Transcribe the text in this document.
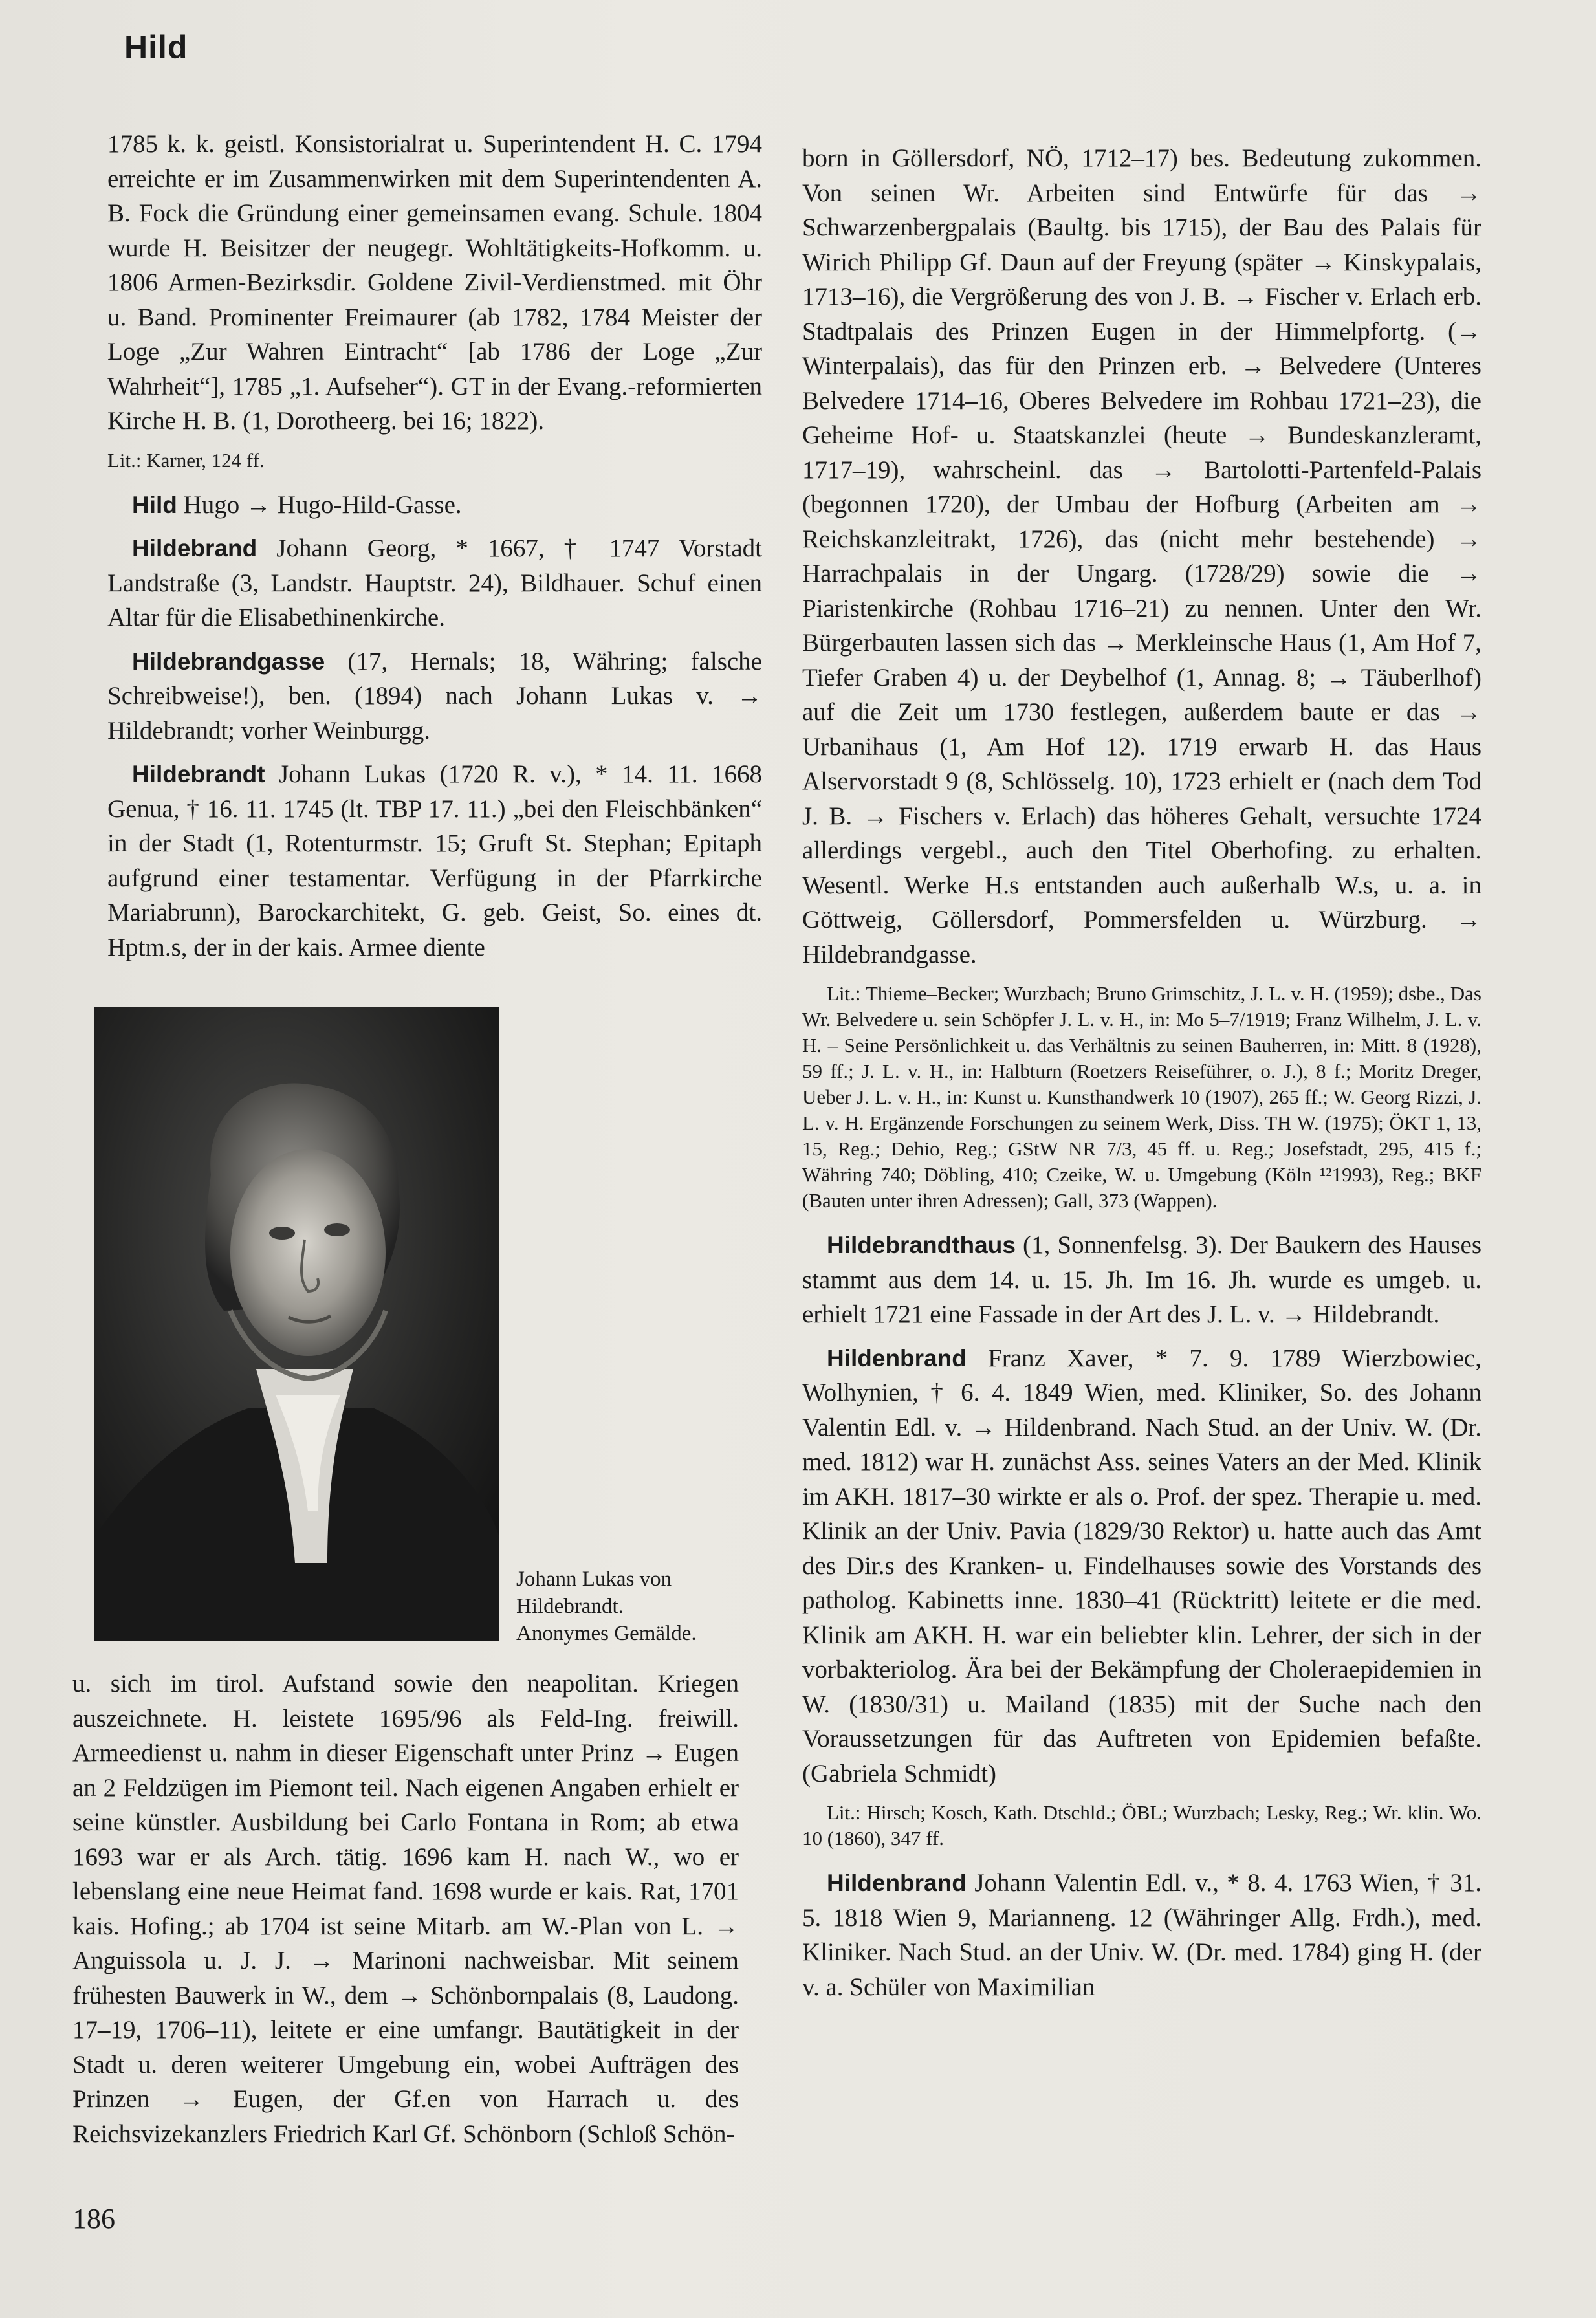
Hild

1785 k. k. geistl. Konsistorialrat u. Superintendent H. C. 1794 erreichte er im Zusammenwirken mit dem Superintendenten A. B. Fock die Gründung einer gemeinsamen evang. Schule. 1804 wurde H. Beisitzer der neugegr. Wohltätigkeits-Hofkomm. u. 1806 Armen-Bezirksdir. Goldene Zivil-Verdienstmed. mit Öhr u. Band. Prominenter Freimaurer (ab 1782, 1784 Meister der Loge „Zur Wahren Eintracht“ [ab 1786 der Loge „Zur Wahrheit“], 1785 „1. Aufseher“). GT in der Evang.-reformierten Kirche H. B. (1, Dorotheerg. bei 16; 1822).

Lit.: Karner, 124 ff.

Hild Hugo → Hugo-Hild-Gasse.

Hildebrand Johann Georg, * 1667, † 1747 Vorstadt Landstraße (3, Landstr. Hauptstr. 24), Bildhauer. Schuf einen Altar für die Elisabethinenkirche.

Hildebrandgasse (17, Hernals; 18, Währing; falsche Schreibweise!), ben. (1894) nach Johann Lukas v. → Hildebrandt; vorher Weinburgg.

Hildebrandt Johann Lukas (1720 R. v.), * 14. 11. 1668 Genua, † 16. 11. 1745 (lt. TBP 17. 11.) „bei den Fleischbänken“ in der Stadt (1, Rotenturmstr. 15; Gruft St. Stephan; Epitaph aufgrund einer testamentar. Verfügung in der Pfarrkirche Mariabrunn), Barockarchitekt, G. geb. Geist, So. eines dt. Hptm.s, der in der kais. Armee diente

Johann Lukas von
Hildebrandt.
Anonymes Gemälde.

u. sich im tirol. Aufstand sowie den neapolitan. Kriegen auszeichnete. H. leistete 1695/96 als Feld-Ing. freiwill. Armeedienst u. nahm in dieser Eigenschaft unter Prinz → Eugen an 2 Feldzügen im Piemont teil. Nach eigenen Angaben erhielt er seine künstler. Ausbildung bei Carlo Fontana in Rom; ab etwa 1693 war er als Arch. tätig. 1696 kam H. nach W., wo er lebenslang eine neue Heimat fand. 1698 wurde er kais. Rat, 1701 kais. Hofing.; ab 1704 ist seine Mitarb. am W.-Plan von L. → Anguissola u. J. J. → Marinoni nachweisbar. Mit seinem frühesten Bauwerk in W., dem → Schönbornpalais (8, Laudong. 17–19, 1706–11), leitete er eine umfangr. Bautätigkeit in der Stadt u. deren weiterer Umgebung ein, wobei Aufträgen des Prinzen → Eugen, der Gf.en von Harrach u. des Reichsvizekanzlers Friedrich Karl Gf. Schönborn (Schloß Schön-

born in Göllersdorf, NÖ, 1712–17) bes. Bedeutung zukommen. Von seinen Wr. Arbeiten sind Entwürfe für das → Schwarzenbergpalais (Baultg. bis 1715), der Bau des Palais für Wirich Philipp Gf. Daun auf der Freyung (später → Kinskypalais, 1713–16), die Vergrößerung des von J. B. → Fischer v. Erlach erb. Stadtpalais des Prinzen Eugen in der Himmelpfortg. (→ Winterpalais), das für den Prinzen erb. → Belvedere (Unteres Belvedere 1714–16, Oberes Belvedere im Rohbau 1721–23), die Geheime Hof- u. Staatskanzlei (heute → Bundeskanzleramt, 1717–19), wahrscheinl. das → Bartolotti-Partenfeld-Palais (begonnen 1720), der Umbau der Hofburg (Arbeiten am → Reichskanzleitrakt, 1726), das (nicht mehr bestehende) → Harrachpalais in der Ungarg. (1728/29) sowie die → Piaristenkirche (Rohbau 1716–21) zu nennen. Unter den Wr. Bürgerbauten lassen sich das → Merkleinsche Haus (1, Am Hof 7, Tiefer Graben 4) u. der Deybelhof (1, Annag. 8; → Täuberlhof) auf die Zeit um 1730 festlegen, außerdem baute er das → Urbanihaus (1, Am Hof 12). 1719 erwarb H. das Haus Alservorstadt 9 (8, Schlösselg. 10), 1723 erhielt er (nach dem Tod J. B. → Fischers v. Erlach) das höheres Gehalt, versuchte 1724 allerdings vergebl., auch den Titel Oberhofing. zu erhalten. Wesentl. Werke H.s entstanden auch außerhalb W.s, u. a. in Göttweig, Göllersdorf, Pommersfelden u. Würzburg. → Hildebrandgasse.

Lit.: Thieme–Becker; Wurzbach; Bruno Grimschitz, J. L. v. H. (1959); dsbe., Das Wr. Belvedere u. sein Schöpfer J. L. v. H., in: Mo 5–7/1919; Franz Wilhelm, J. L. v. H. – Seine Persönlichkeit u. das Verhältnis zu seinen Bauherren, in: Mitt. 8 (1928), 59 ff.; J. L. v. H., in: Halbturn (Roetzers Reiseführer, o. J.), 8 f.; Moritz Dreger, Ueber J. L. v. H., in: Kunst u. Kunsthandwerk 10 (1907), 265 ff.; W. Georg Rizzi, J. L. v. H. Ergänzende Forschungen zu seinem Werk, Diss. TH W. (1975); ÖKT 1, 13, 15, Reg.; Dehio, Reg.; GStW NR 7/3, 45 ff. u. Reg.; Josefstadt, 295, 415 f.; Währing 740; Döbling, 410; Czeike, W. u. Umgebung (Köln ¹²1993), Reg.; BKF (Bauten unter ihren Adressen); Gall, 373 (Wappen).

Hildebrandthaus (1, Sonnenfelsg. 3). Der Baukern des Hauses stammt aus dem 14. u. 15. Jh. Im 16. Jh. wurde es umgeb. u. erhielt 1721 eine Fassade in der Art des J. L. v. → Hildebrandt.

Hildenbrand Franz Xaver, * 7. 9. 1789 Wierzbowiec, Wolhynien, † 6. 4. 1849 Wien, med. Kliniker, So. des Johann Valentin Edl. v. → Hildenbrand. Nach Stud. an der Univ. W. (Dr. med. 1812) war H. zunächst Ass. seines Vaters an der Med. Klinik im AKH. 1817–30 wirkte er als o. Prof. der spez. Therapie u. med. Klinik an der Univ. Pavia (1829/30 Rektor) u. hatte auch das Amt des Dir.s des Kranken- u. Findelhauses sowie des Vorstands des patholog. Kabinetts inne. 1830–41 (Rücktritt) leitete er die med. Klinik am AKH. H. war ein beliebter klin. Lehrer, der sich in der vorbakteriolog. Ära bei der Bekämpfung der Choleraepidemien in W. (1830/31) u. Mailand (1835) mit der Suche nach den Voraussetzungen für das Auftreten von Epidemien befaßte. (Gabriela Schmidt)

Lit.: Hirsch; Kosch, Kath. Dtschld.; ÖBL; Wurzbach; Lesky, Reg.; Wr. klin. Wo. 10 (1860), 347 ff.

Hildenbrand Johann Valentin Edl. v., * 8. 4. 1763 Wien, † 31. 5. 1818 Wien 9, Marianneng. 12 (Währinger Allg. Frdh.), med. Kliniker. Nach Stud. an der Univ. W. (Dr. med. 1784) ging H. (der v. a. Schüler von Maximilian

186
